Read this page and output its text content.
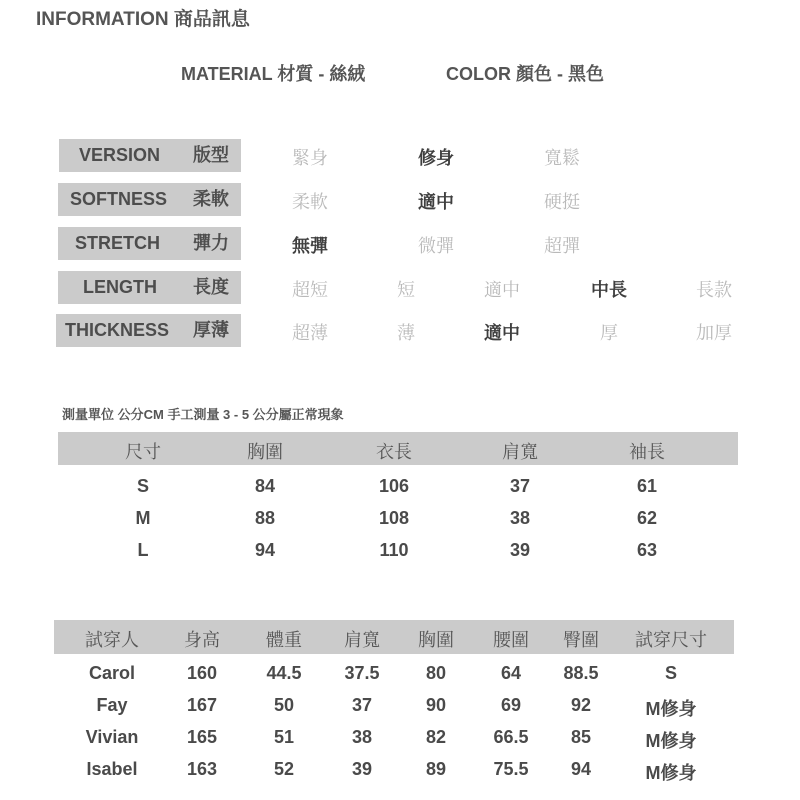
INFORMATION 商品訊息
MATERIAL 材質 - 絲絨	COLOR 顏色 - 黑色
VERSION 版型	緊身	修身	寬鬆
SOFTNESS 柔軟	柔軟	適中	硬挺
STRETCH 彈力	無彈	微彈	超彈
LENGTH 長度	超短	短	適中	中長	長款
THICKNESS 厚薄	超薄	薄	適中	厚	加厚
測量單位 公分CM 手工測量 3 - 5 公分屬正常現象
尺寸	胸圍	衣長	肩寬	袖長
S	84	106	37	61
M	88	108	38	62
L	94	110	39	63
試穿人	身高	體重	肩寬	胸圍	腰圍	臀圍	試穿尺寸
Carol	160	44.5	37.5	80	64	88.5	S
Fay	167	50	37	90	69	92	M修身
Vivian	165	51	38	82	66.5	85	M修身
Isabel	163	52	39	89	75.5	94	M修身
